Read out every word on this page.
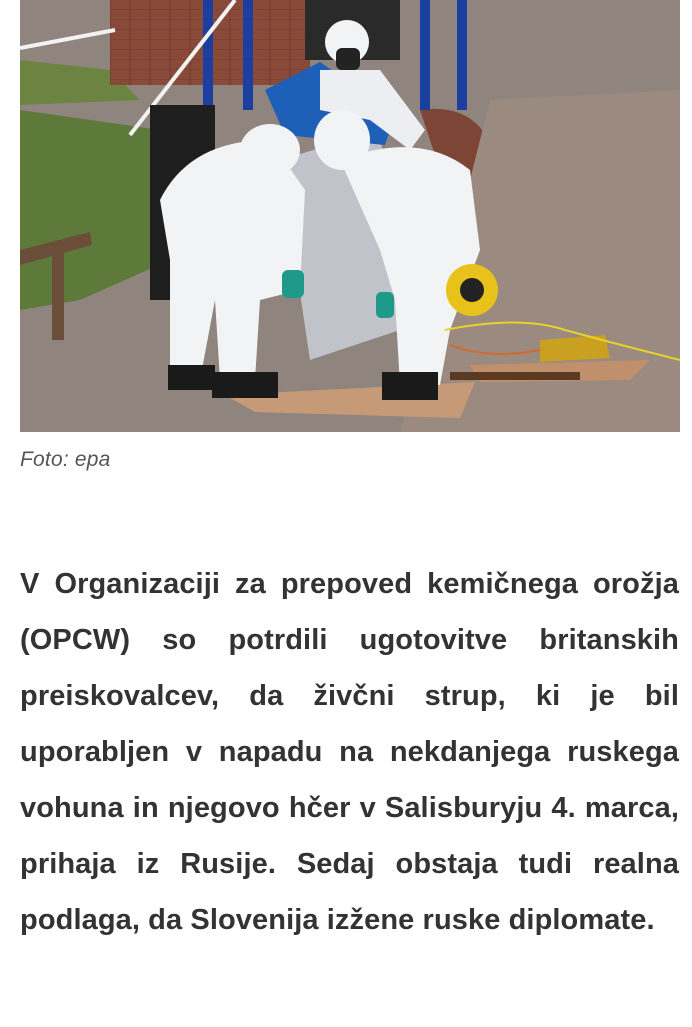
Foto: epa

V Organizaciji za prepoved kemičnega orožja (OPCW) so potrdili ugotovitve britanskih preiskovalcev, da živčni strup, ki je bil uporabljen v napadu na nekdanjega ruskega vohuna in njegovo hčer v Salisburyju 4. marca, prihaja iz Rusije. Sedaj obstaja tudi realna podlaga, da Slovenija izžene ruske diplomate.
